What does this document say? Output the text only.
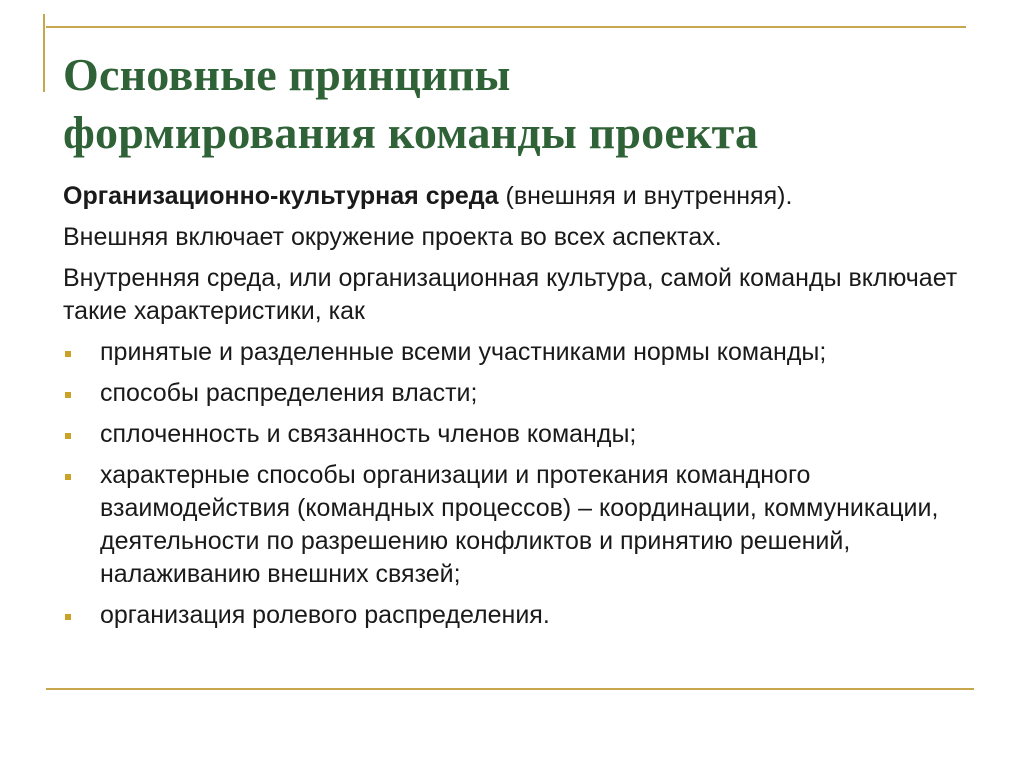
Основные принципы
формирования команды проекта

Организационно-культурная среда (внешняя и внутренняя).

Внешняя включает окружение проекта во всех аспектах.

Внутренняя среда, или организационная культура, самой команды включает такие характеристики, как

принятые и разделенные всеми участниками нормы команды;
способы распределения власти;
сплоченность и связанность членов команды;
характерные способы организации и протекания командного взаимодействия (командных процессов) – координации, коммуникации, деятельности по разрешению конфликтов и принятию решений, налаживанию внешних связей;
организация ролевого распределения.
